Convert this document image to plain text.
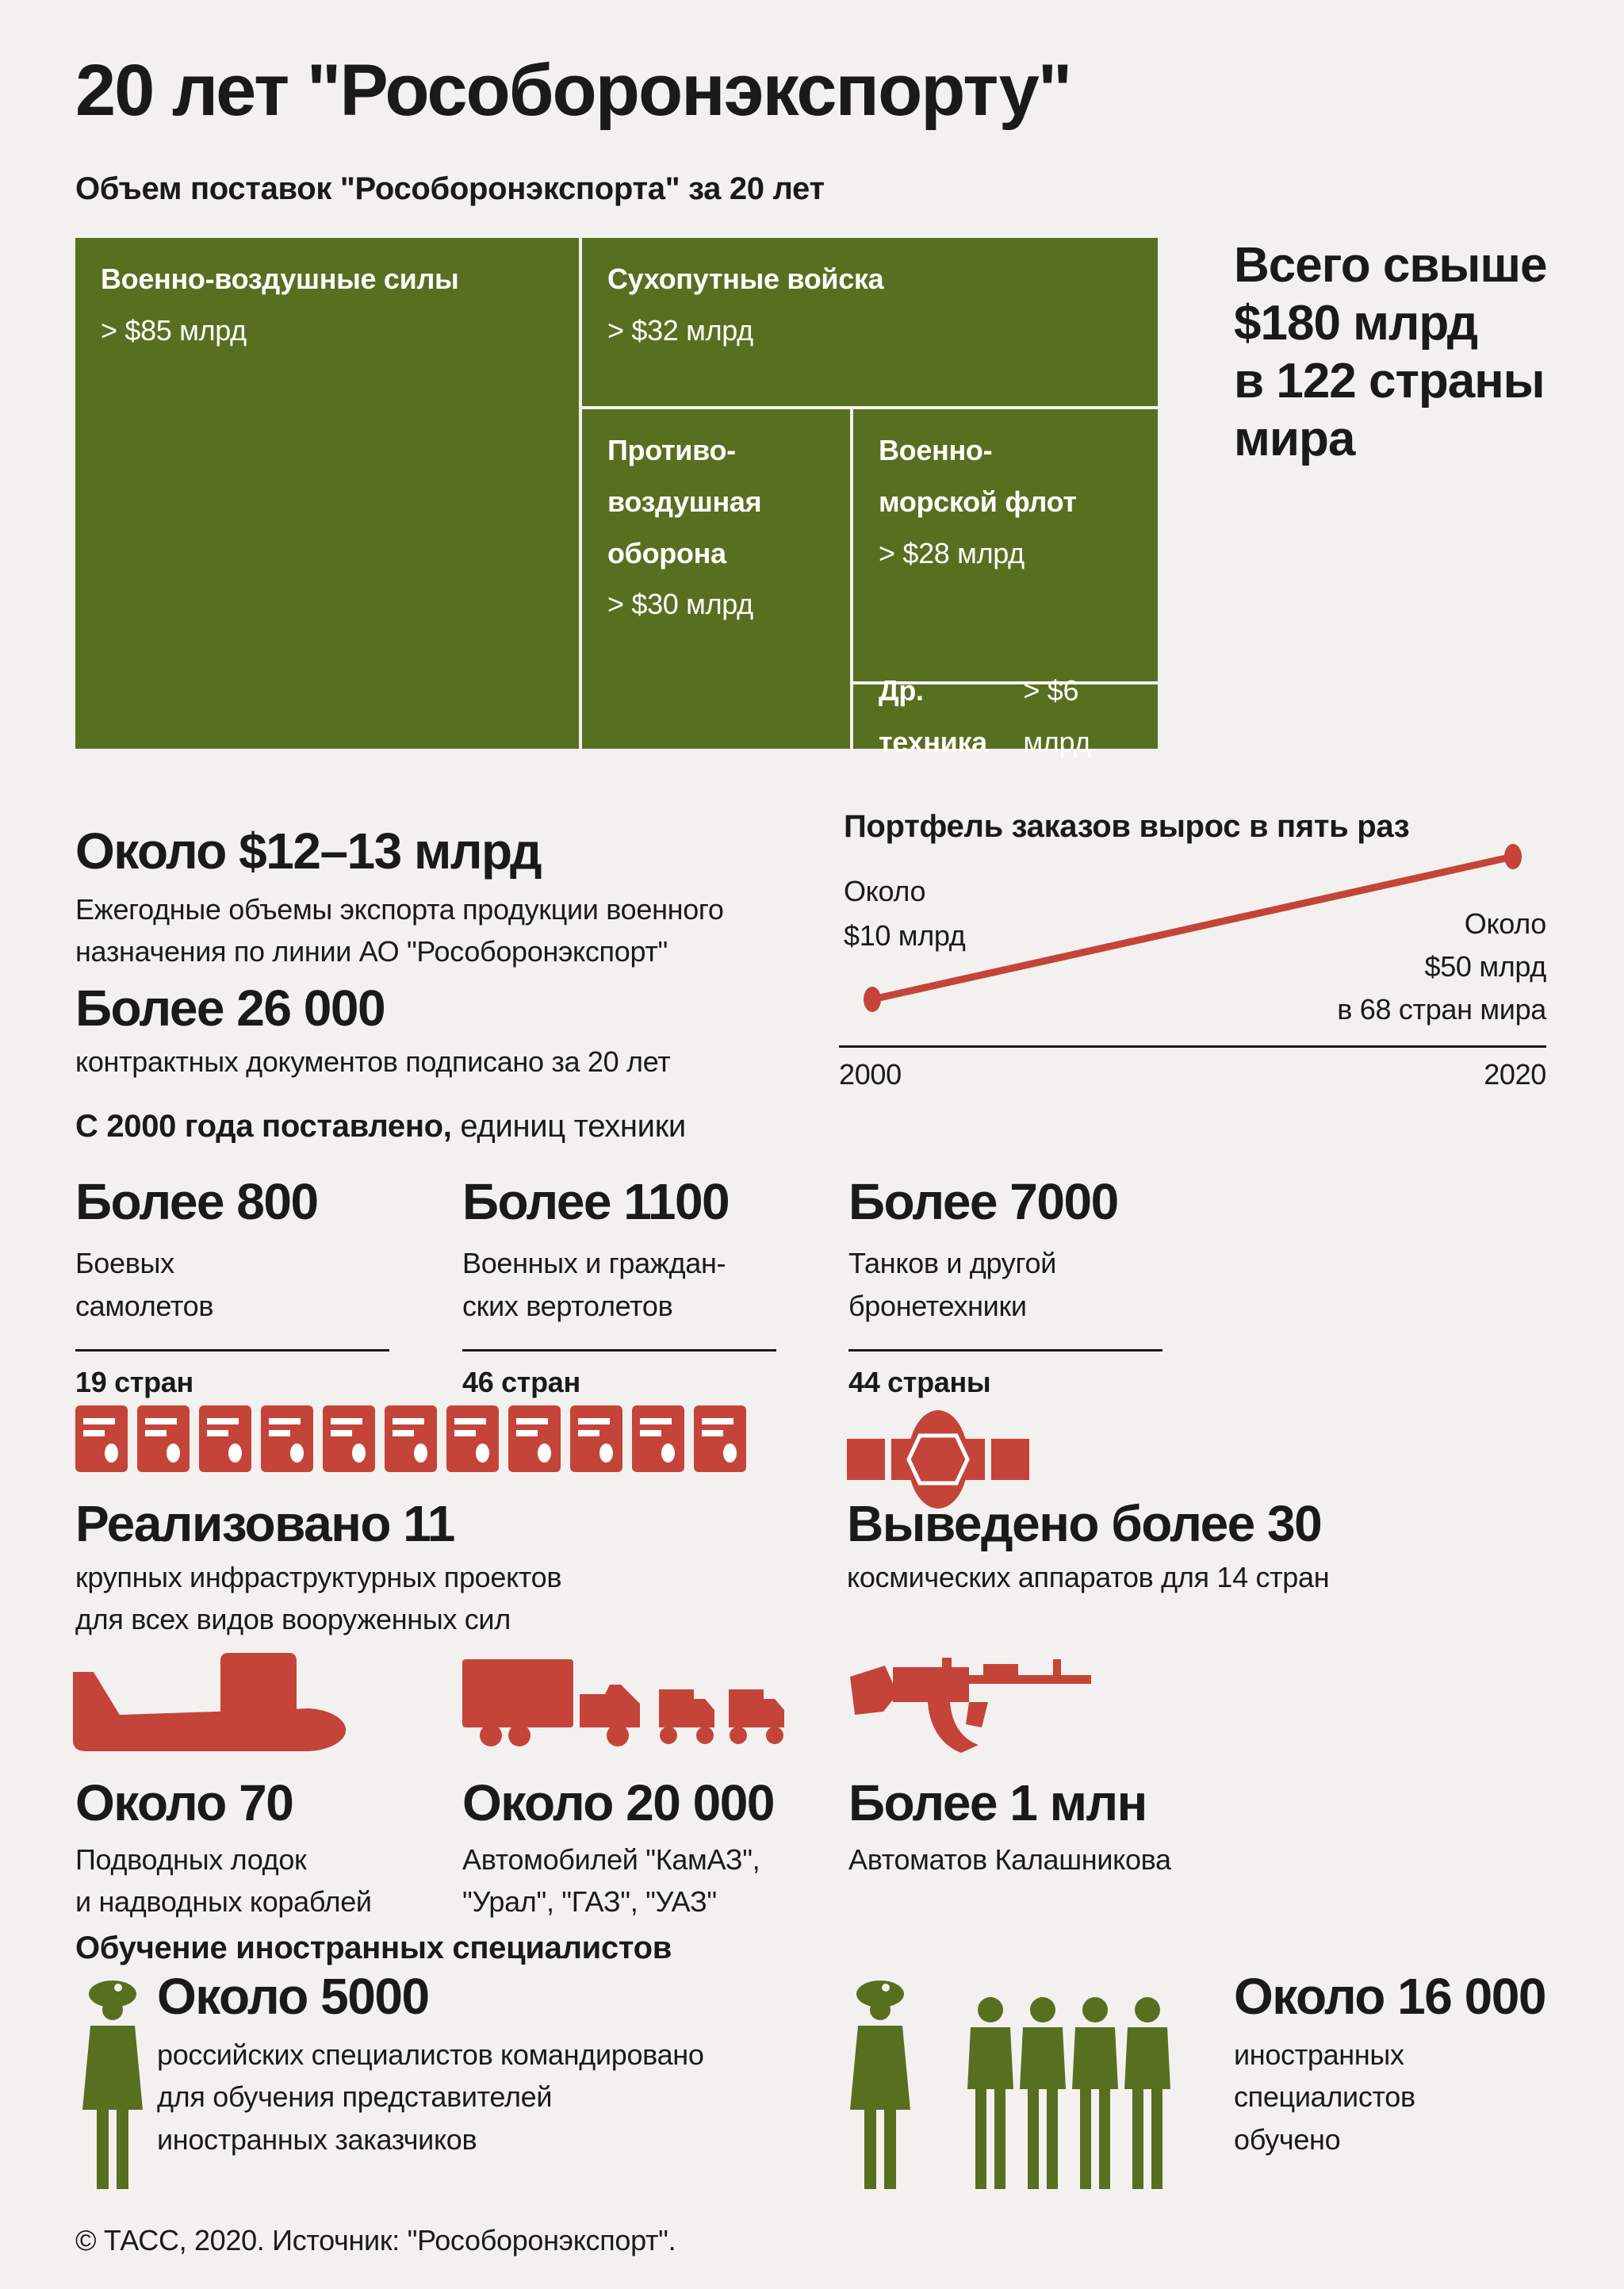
20 лет "Рособоронэкспорту"
Объем поставок "Рособоронэкспорта" за 20 лет
Военно-воздушные силы
> $85 млрд
Сухопутные войска
> $32 млрд
Противо-
воздушная
оборона
> $30 млрд
Военно-
морской флот
> $28 млрд
Др. техника
> $6 млрд
Всего свыше
$180 млрд
в 122 страны
мира
Около $12–13 млрд
Ежегодные объемы экспорта продукции военного
назначения по линии АО "Рособоронэкспорт"
Более 26 000
контрактных документов подписано за 20 лет
Портфель заказов вырос в пять раз
Около
$10 млрд	Около
$50 млрд
в 68 стран мира
2000	2020
С 2000 года поставлено, единиц техники
Более 800
Боевых
самолетов
19 стран
Более 1100
Военных и граждан-
ских вертолетов
46 стран
Более 7000
Танков и другой
бронетехники
44 страны
Реализовано 11
крупных инфраструктурных проектов
для всех видов вооруженных сил
Выведено более 30
космических аппаратов для 14 стран
Около 70
Подводных лодок
и надводных кораблей
Около 20 000
Автомобилей "КамАЗ",
"Урал", "ГАЗ", "УАЗ"
Более 1 млн
Автоматов Калашникова
Обучение иностранных специалистов
Около 5000
российских специалистов командировано
для обучения представителей
иностранных заказчиков
Около 16 000
иностранных
специалистов
обучено
© ТАСС, 2020. Источник: "Рособоронэкспорт".
